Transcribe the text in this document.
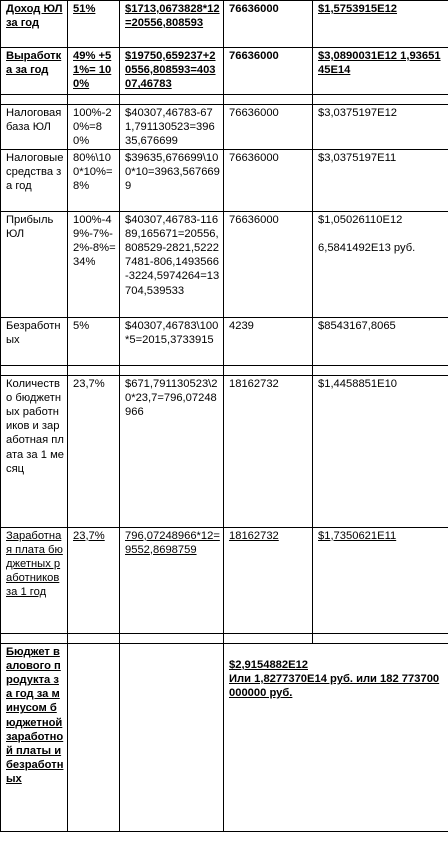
Доход ЮЛ за год	51%	$1713,0673828*12=20556,808593	76636000	$1,5753915E12
Выработка за год	49% +51%= 100%	$19750,659237+20556,808593=40307,46783	76636000	$3,0890031E12 1,9365145E14

Налоговая база ЮЛ	100%-20%=80%	$40307,46783-671,791130523=39635,676699	76636000	$3,0375197E12
Налоговые средства за год	80%\100*10%=8%	$39635,676699\100*10=3963,5676699	76636000	$3,0375197E11
Прибыль ЮЛ	100%-49%-7%-2%-8%=34%	$40307,46783-11689,165671=20556,808529-2821,52227481-806,1493566-3224,5974264=13704,539533	76636000	$1,05026110E12
6,5841492E13 руб.
Безработных	5%	$40307,46783\100*5=2015,3733915	4239	$8543167,8065

Количество бюджетных работников и заработная плата за 1 месяц	23,7%	$671,791130523\20*23,7=796,07248966	18162732	$1,4458851E10
Заработная плата бюджетных работников за 1 год	23,7%	796,07248966*12=9552,8698759	18162732	$1,7350621E11

Бюджет валового продукта за год за минусом бюджетной заработной платы и безработных			$2,9154882E12
Или 1,8277370E14 руб. или 182 773700000000 руб.	
